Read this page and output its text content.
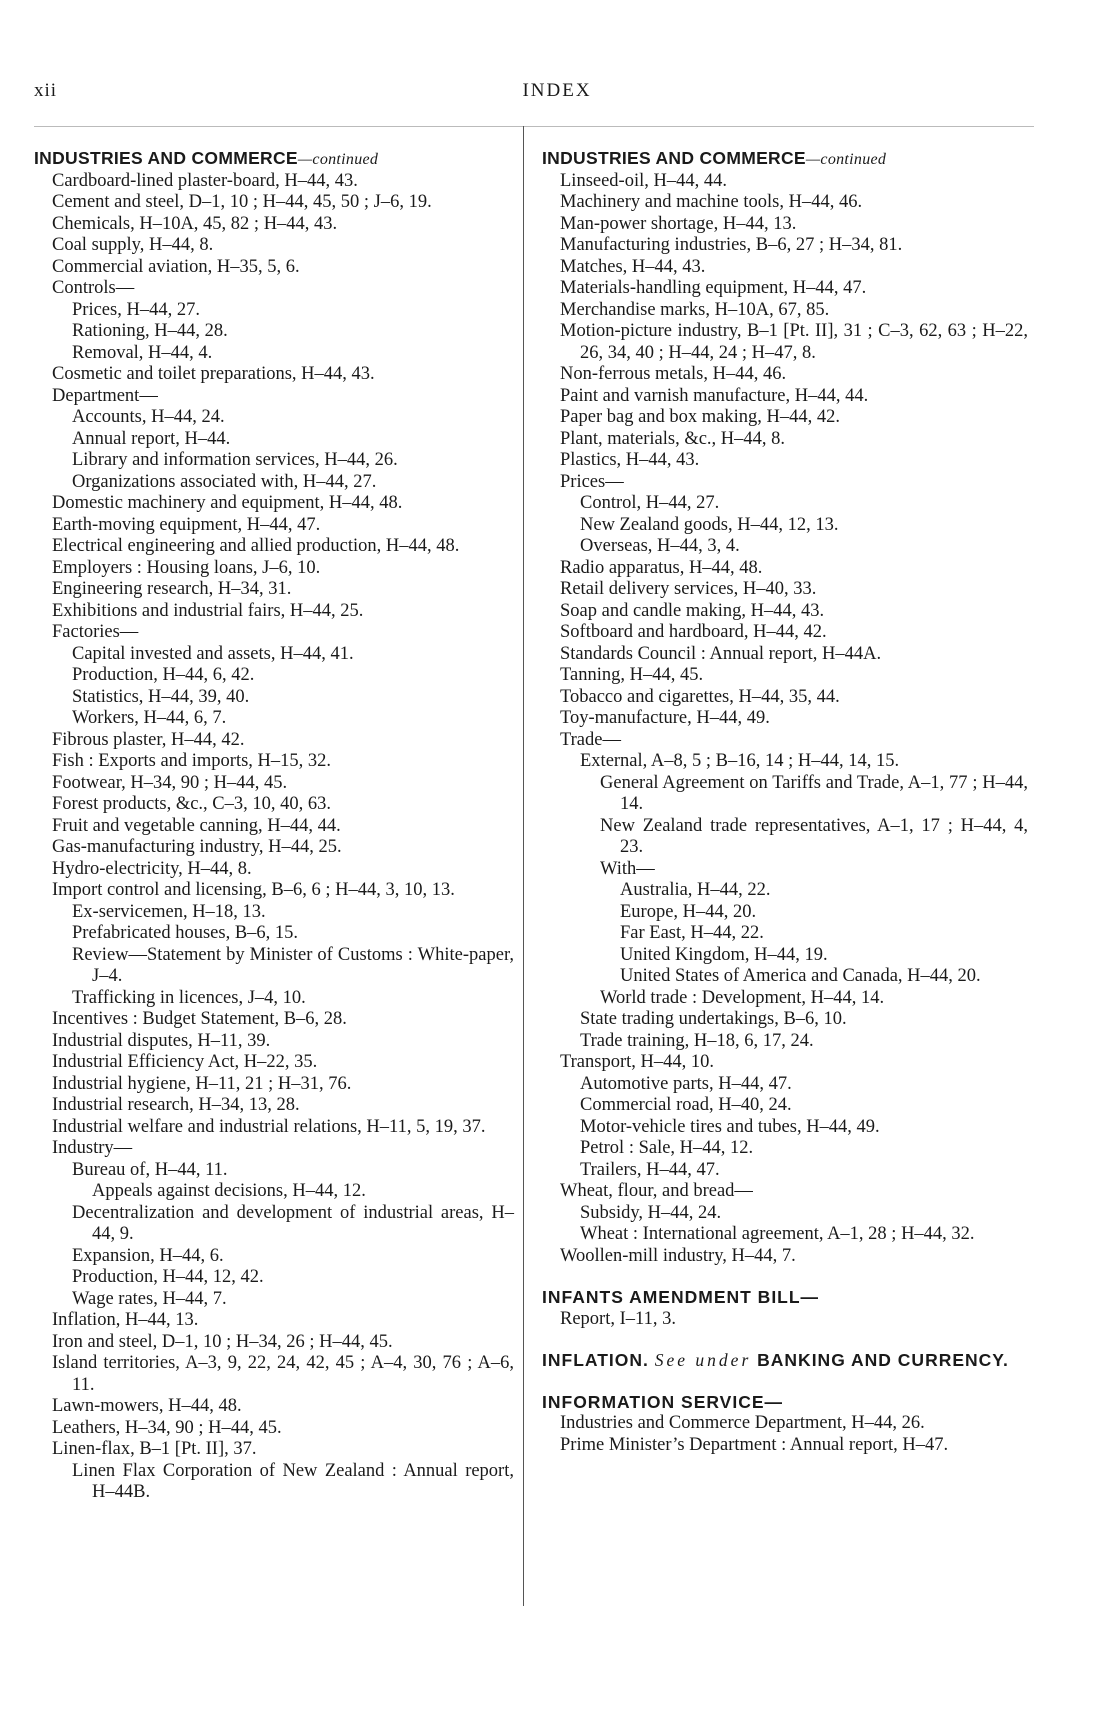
xii	INDEX
INDUSTRIES AND COMMERCE—continued
Cardboard-lined plaster-board, H–44, 43.
Cement and steel, D–1, 10 ; H–44, 45, 50 ; J–6, 19.
Chemicals, H–10A, 45, 82 ; H–44, 43.
Coal supply, H–44, 8.
Commercial aviation, H–35, 5, 6.
Controls—
Prices, H–44, 27.
Rationing, H–44, 28.
Removal, H–44, 4.
Cosmetic and toilet preparations, H–44, 43.
Department—
Accounts, H–44, 24.
Annual report, H–44.
Library and information services, H–44, 26.
Organizations associated with, H–44, 27.
Domestic machinery and equipment, H–44, 48.
Earth-moving equipment, H–44, 47.
Electrical engineering and allied production, H–44, 48.
Employers : Housing loans, J–6, 10.
Engineering research, H–34, 31.
Exhibitions and industrial fairs, H–44, 25.
Factories—
Capital invested and assets, H–44, 41.
Production, H–44, 6, 42.
Statistics, H–44, 39, 40.
Workers, H–44, 6, 7.
Fibrous plaster, H–44, 42.
Fish : Exports and imports, H–15, 32.
Footwear, H–34, 90 ; H–44, 45.
Forest products, &c., C–3, 10, 40, 63.
Fruit and vegetable canning, H–44, 44.
Gas-manufacturing industry, H–44, 25.
Hydro-electricity, H–44, 8.
Import control and licensing, B–6, 6 ; H–44, 3, 10, 13.
Ex-servicemen, H–18, 13.
Prefabricated houses, B–6, 15.
Review—Statement by Minister of Customs : White-paper, J–4.
Trafficking in licences, J–4, 10.
Incentives : Budget Statement, B–6, 28.
Industrial disputes, H–11, 39.
Industrial Efficiency Act, H–22, 35.
Industrial hygiene, H–11, 21 ; H–31, 76.
Industrial research, H–34, 13, 28.
Industrial welfare and industrial relations, H–11, 5, 19, 37.
Industry—
Bureau of, H–44, 11.
Appeals against decisions, H–44, 12.
Decentralization and development of industrial areas, H–44, 9.
Expansion, H–44, 6.
Production, H–44, 12, 42.
Wage rates, H–44, 7.
Inflation, H–44, 13.
Iron and steel, D–1, 10 ; H–34, 26 ; H–44, 45.
Island territories, A–3, 9, 22, 24, 42, 45 ; A–4, 30, 76 ; A–6, 11.
Lawn-mowers, H–44, 48.
Leathers, H–34, 90 ; H–44, 45.
Linen-flax, B–1 [Pt. II], 37.
Linen Flax Corporation of New Zealand : Annual report, H–44B.
INDUSTRIES AND COMMERCE—continued
Linseed-oil, H–44, 44.
Machinery and machine tools, H–44, 46.
Man-power shortage, H–44, 13.
Manufacturing industries, B–6, 27 ; H–34, 81.
Matches, H–44, 43.
Materials-handling equipment, H–44, 47.
Merchandise marks, H–10A, 67, 85.
Motion-picture industry, B–1 [Pt. II], 31 ; C–3, 62, 63 ; H–22, 26, 34, 40 ; H–44, 24 ; H–47, 8.
Non-ferrous metals, H–44, 46.
Paint and varnish manufacture, H–44, 44.
Paper bag and box making, H–44, 42.
Plant, materials, &c., H–44, 8.
Plastics, H–44, 43.
Prices—
Control, H–44, 27.
New Zealand goods, H–44, 12, 13.
Overseas, H–44, 3, 4.
Radio apparatus, H–44, 48.
Retail delivery services, H–40, 33.
Soap and candle making, H–44, 43.
Softboard and hardboard, H–44, 42.
Standards Council : Annual report, H–44A.
Tanning, H–44, 45.
Tobacco and cigarettes, H–44, 35, 44.
Toy-manufacture, H–44, 49.
Trade—
External, A–8, 5 ; B–16, 14 ; H–44, 14, 15.
General Agreement on Tariffs and Trade, A–1, 77 ; H–44, 14.
New Zealand trade representatives, A–1, 17 ; H–44, 4, 23.
With—
Australia, H–44, 22.
Europe, H–44, 20.
Far East, H–44, 22.
United Kingdom, H–44, 19.
United States of America and Canada, H–44, 20.
World trade : Development, H–44, 14.
State trading undertakings, B–6, 10.
Trade training, H–18, 6, 17, 24.
Transport, H–44, 10.
Automotive parts, H–44, 47.
Commercial road, H–40, 24.
Motor-vehicle tires and tubes, H–44, 49.
Petrol : Sale, H–44, 12.
Trailers, H–44, 47.
Wheat, flour, and bread—
Subsidy, H–44, 24.
Wheat : International agreement, A–1, 28 ; H–44, 32.
Woollen-mill industry, H–44, 7.
INFANTS AMENDMENT BILL—
Report, I–11, 3.
INFLATION. See under BANKING AND CURRENCY.
INFORMATION SERVICE—
Industries and Commerce Department, H–44, 26.
Prime Minister’s Department : Annual report, H–47.
